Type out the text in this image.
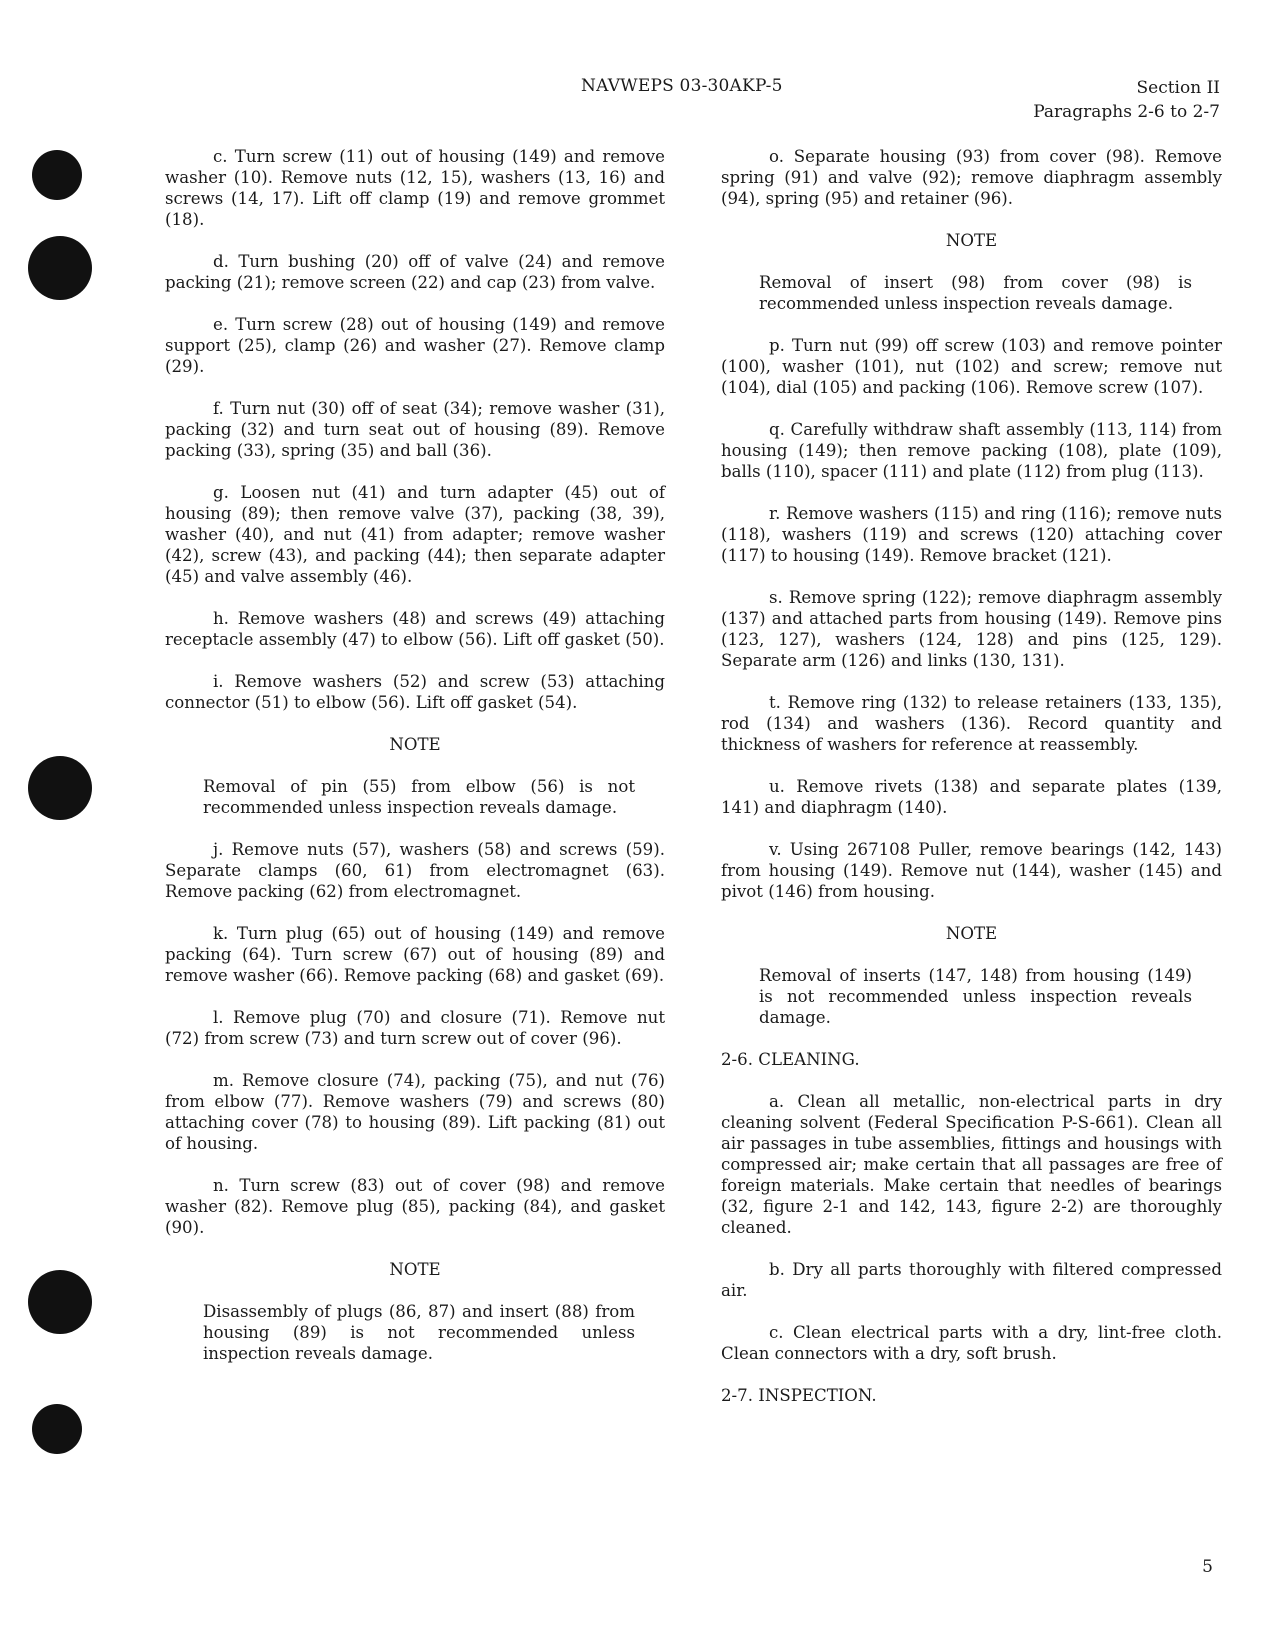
NAVWEPS 03-30AKP-5	Section II
Paragraphs 2-6 to 2-7
c. Turn screw (11) out of housing (149) and remove washer (10). Remove nuts (12, 15), washers (13, 16) and screws (14, 17). Lift off clamp (19) and remove grommet (18).
d. Turn bushing (20) off of valve (24) and remove packing (21); remove screen (22) and cap (23) from valve.
e. Turn screw (28) out of housing (149) and remove support (25), clamp (26) and washer (27). Remove clamp (29).
f. Turn nut (30) off of seat (34); remove washer (31), packing (32) and turn seat out of housing (89). Remove packing (33), spring (35) and ball (36).
g. Loosen nut (41) and turn adapter (45) out of housing (89); then remove valve (37), packing (38, 39), washer (40), and nut (41) from adapter; remove washer (42), screw (43), and packing (44); then separate adapter (45) and valve assembly (46).
h. Remove washers (48) and screws (49) attaching receptacle assembly (47) to elbow (56). Lift off gasket (50).
i. Remove washers (52) and screw (53) attaching connector (51) to elbow (56). Lift off gasket (54).
NOTE
Removal of pin (55) from elbow (56) is not recommended unless inspection reveals damage.
j. Remove nuts (57), washers (58) and screws (59). Separate clamps (60, 61) from electromagnet (63). Remove packing (62) from electromagnet.
k. Turn plug (65) out of housing (149) and remove packing (64). Turn screw (67) out of housing (89) and remove washer (66). Remove packing (68) and gasket (69).
l. Remove plug (70) and closure (71). Remove nut (72) from screw (73) and turn screw out of cover (96).
m. Remove closure (74), packing (75), and nut (76) from elbow (77). Remove washers (79) and screws (80) attaching cover (78) to housing (89). Lift packing (81) out of housing.
n. Turn screw (83) out of cover (98) and remove washer (82). Remove plug (85), packing (84), and gasket (90).
NOTE
Disassembly of plugs (86, 87) and insert (88) from housing (89) is not recommended unless inspection reveals damage.
o. Separate housing (93) from cover (98). Remove spring (91) and valve (92); remove diaphragm assembly (94), spring (95) and retainer (96).
NOTE
Removal of insert (98) from cover (98) is recommended unless inspection reveals damage.
p. Turn nut (99) off screw (103) and remove pointer (100), washer (101), nut (102) and screw; remove nut (104), dial (105) and packing (106). Remove screw (107).
q. Carefully withdraw shaft assembly (113, 114) from housing (149); then remove packing (108), plate (109), balls (110), spacer (111) and plate (112) from plug (113).
r. Remove washers (115) and ring (116); remove nuts (118), washers (119) and screws (120) attaching cover (117) to housing (149). Remove bracket (121).
s. Remove spring (122); remove diaphragm assembly (137) and attached parts from housing (149). Remove pins (123, 127), washers (124, 128) and pins (125, 129). Separate arm (126) and links (130, 131).
t. Remove ring (132) to release retainers (133, 135), rod (134) and washers (136). Record quantity and thickness of washers for reference at reassembly.
u. Remove rivets (138) and separate plates (139, 141) and diaphragm (140).
v. Using 267108 Puller, remove bearings (142, 143) from housing (149). Remove nut (144), washer (145) and pivot (146) from housing.
NOTE
Removal of inserts (147, 148) from housing (149) is not recommended unless inspection reveals damage.
2-6. CLEANING.
a. Clean all metallic, non-electrical parts in dry cleaning solvent (Federal Specification P-S-661). Clean all air passages in tube assemblies, fittings and housings with compressed air; make certain that all passages are free of foreign materials. Make certain that needles of bearings (32, figure 2-1 and 142, 143, figure 2-2) are thoroughly cleaned.
b. Dry all parts thoroughly with filtered compressed air.
c. Clean electrical parts with a dry, lint-free cloth. Clean connectors with a dry, soft brush.
2-7. INSPECTION.
5
